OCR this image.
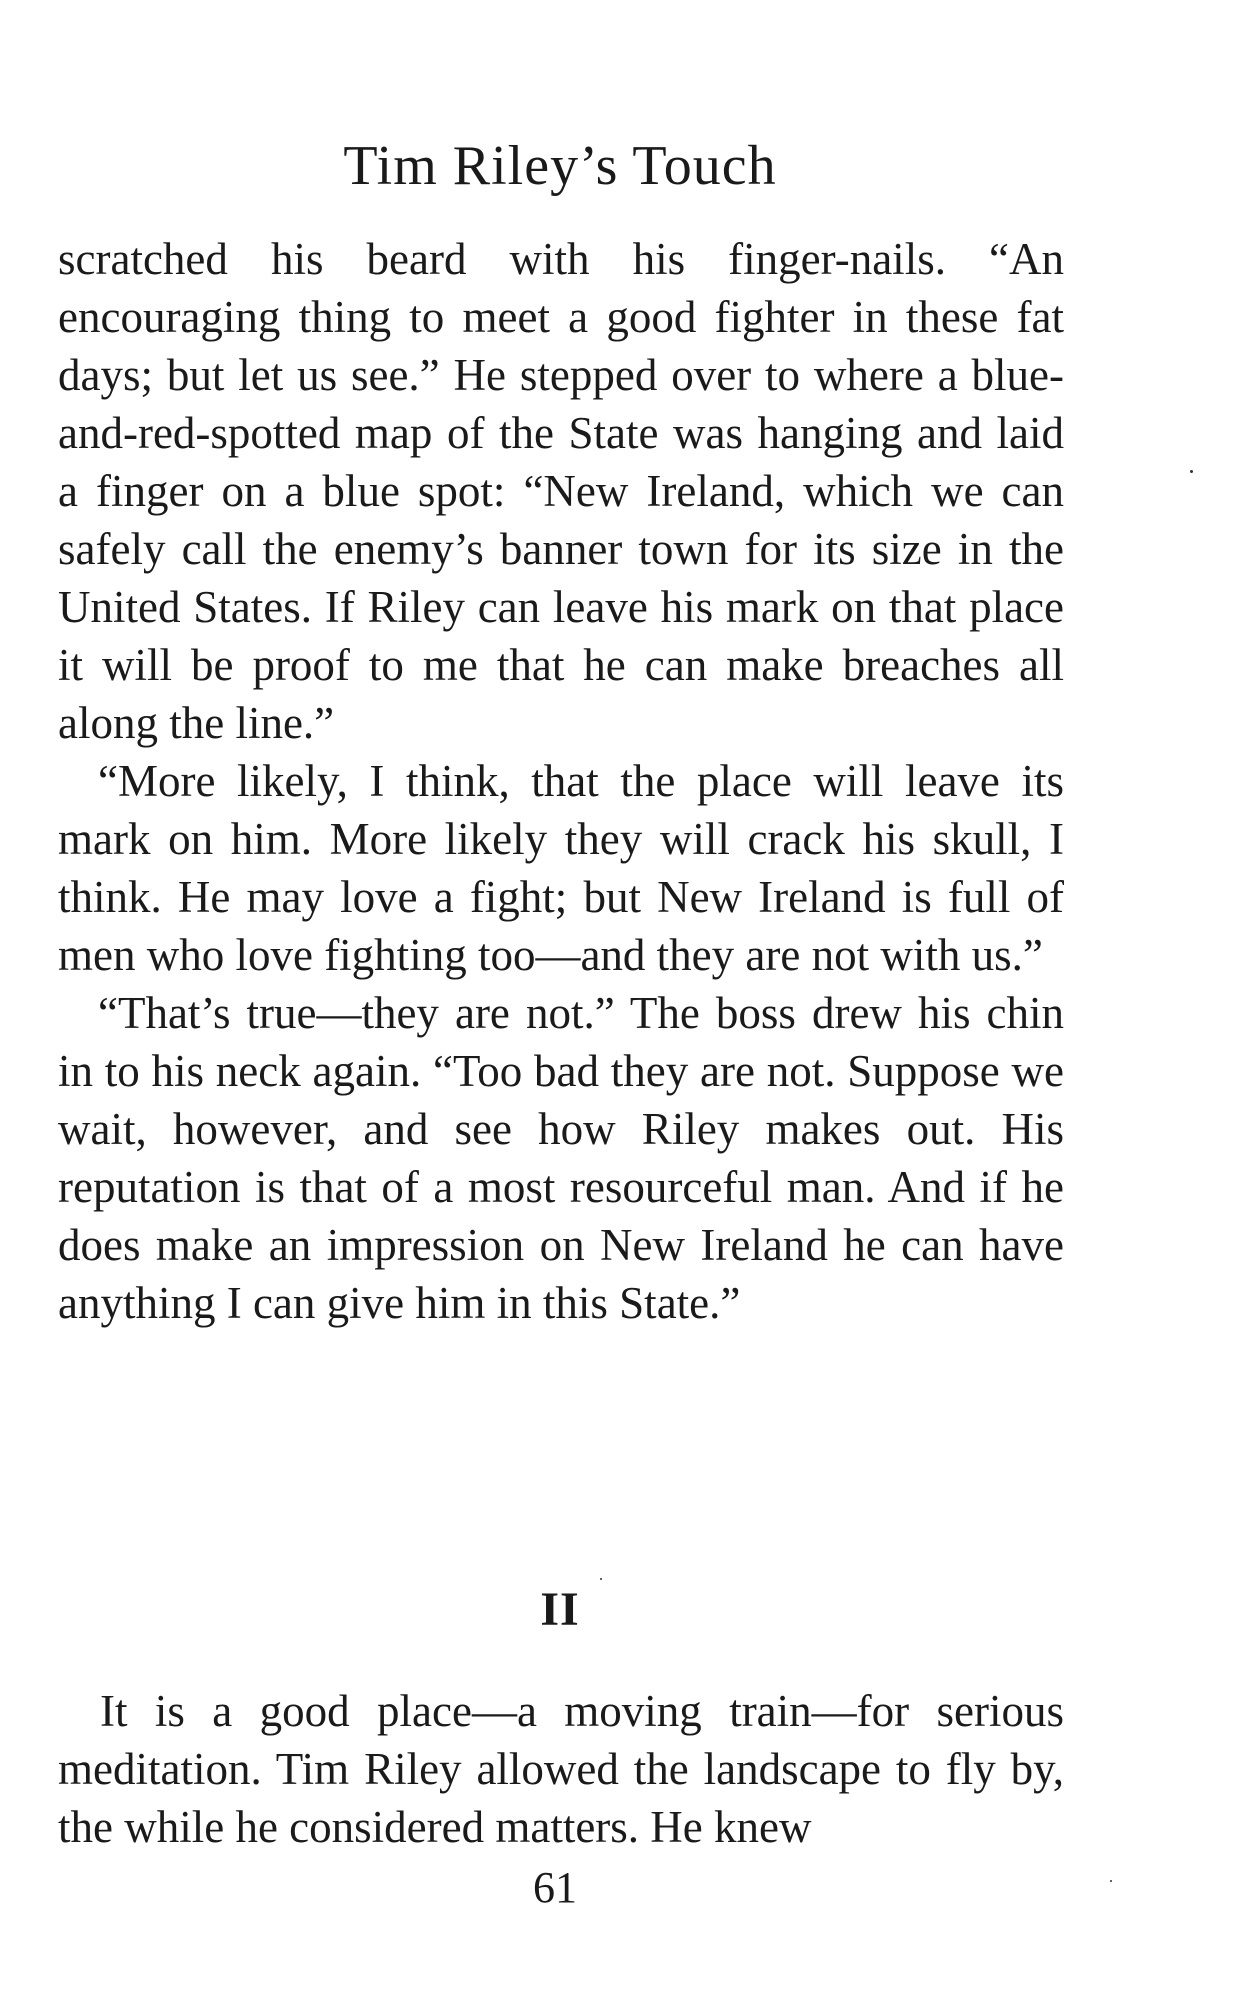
Tim Riley’s Touch

scratched his beard with his finger-nails. “An encouraging thing to meet a good fighter in these fat days; but let us see.” He stepped over to where a blue-and-red-spotted map of the State was hanging and laid a finger on a blue spot: “New Ireland, which we can safely call the enemy’s banner town for its size in the United States. If Riley can leave his mark on that place it will be proof to me that he can make breaches all along the line.”

“More likely, I think, that the place will leave its mark on him. More likely they will crack his skull, I think. He may love a fight; but New Ireland is full of men who love fighting too—and they are not with us.”

“That’s true—they are not.” The boss drew his chin in to his neck again. “Too bad they are not. Suppose we wait, however, and see how Riley makes out. His reputation is that of a most resourceful man. And if he does make an impression on New Ireland he can have anything I can give him in this State.”

II

It is a good place—a moving train—for serious meditation. Tim Riley allowed the landscape to fly by, the while he considered matters. He knew

61
